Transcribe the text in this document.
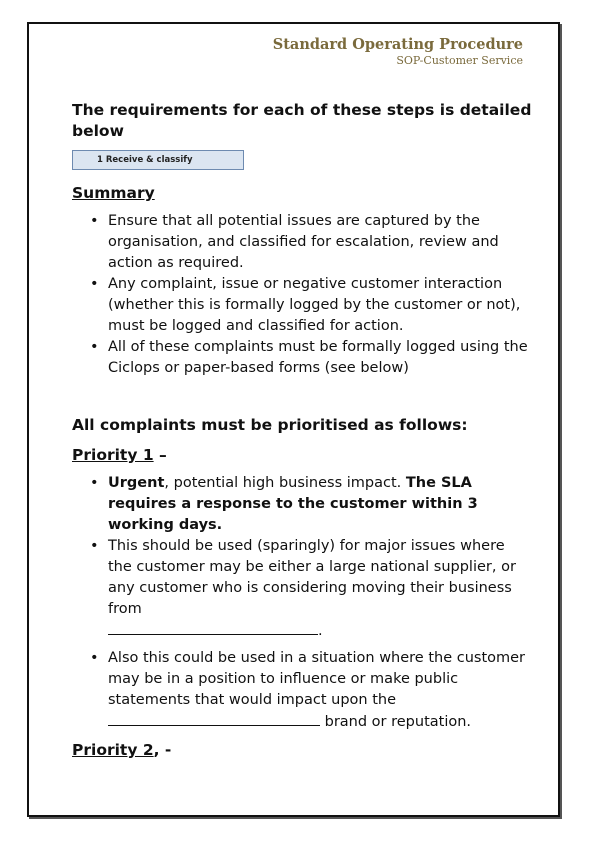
Standard Operating Procedure
SOP-Customer Service
The requirements for each of these steps is detailed below
1 Receive & classify
Summary
• Ensure that all potential issues are captured by the organisation, and classified for escalation, review and action as required.
• Any complaint, issue or negative customer interaction (whether this is formally logged by the customer or not), must be logged and classified for action.
• All of these complaints must be formally logged using the Ciclops or paper-based forms (see below)
All complaints must be prioritised as follows:
Priority 1 –
• Urgent, potential high business impact. The SLA requires a response to the customer within 3 working days.
• This should be used (sparingly) for major issues where the customer may be either a large national supplier, or any customer who is considering moving their business from
.
• Also this could be used in a situation where the customer may be in a position to influence or make public statements that would impact upon the
brand or reputation.
Priority 2, -
